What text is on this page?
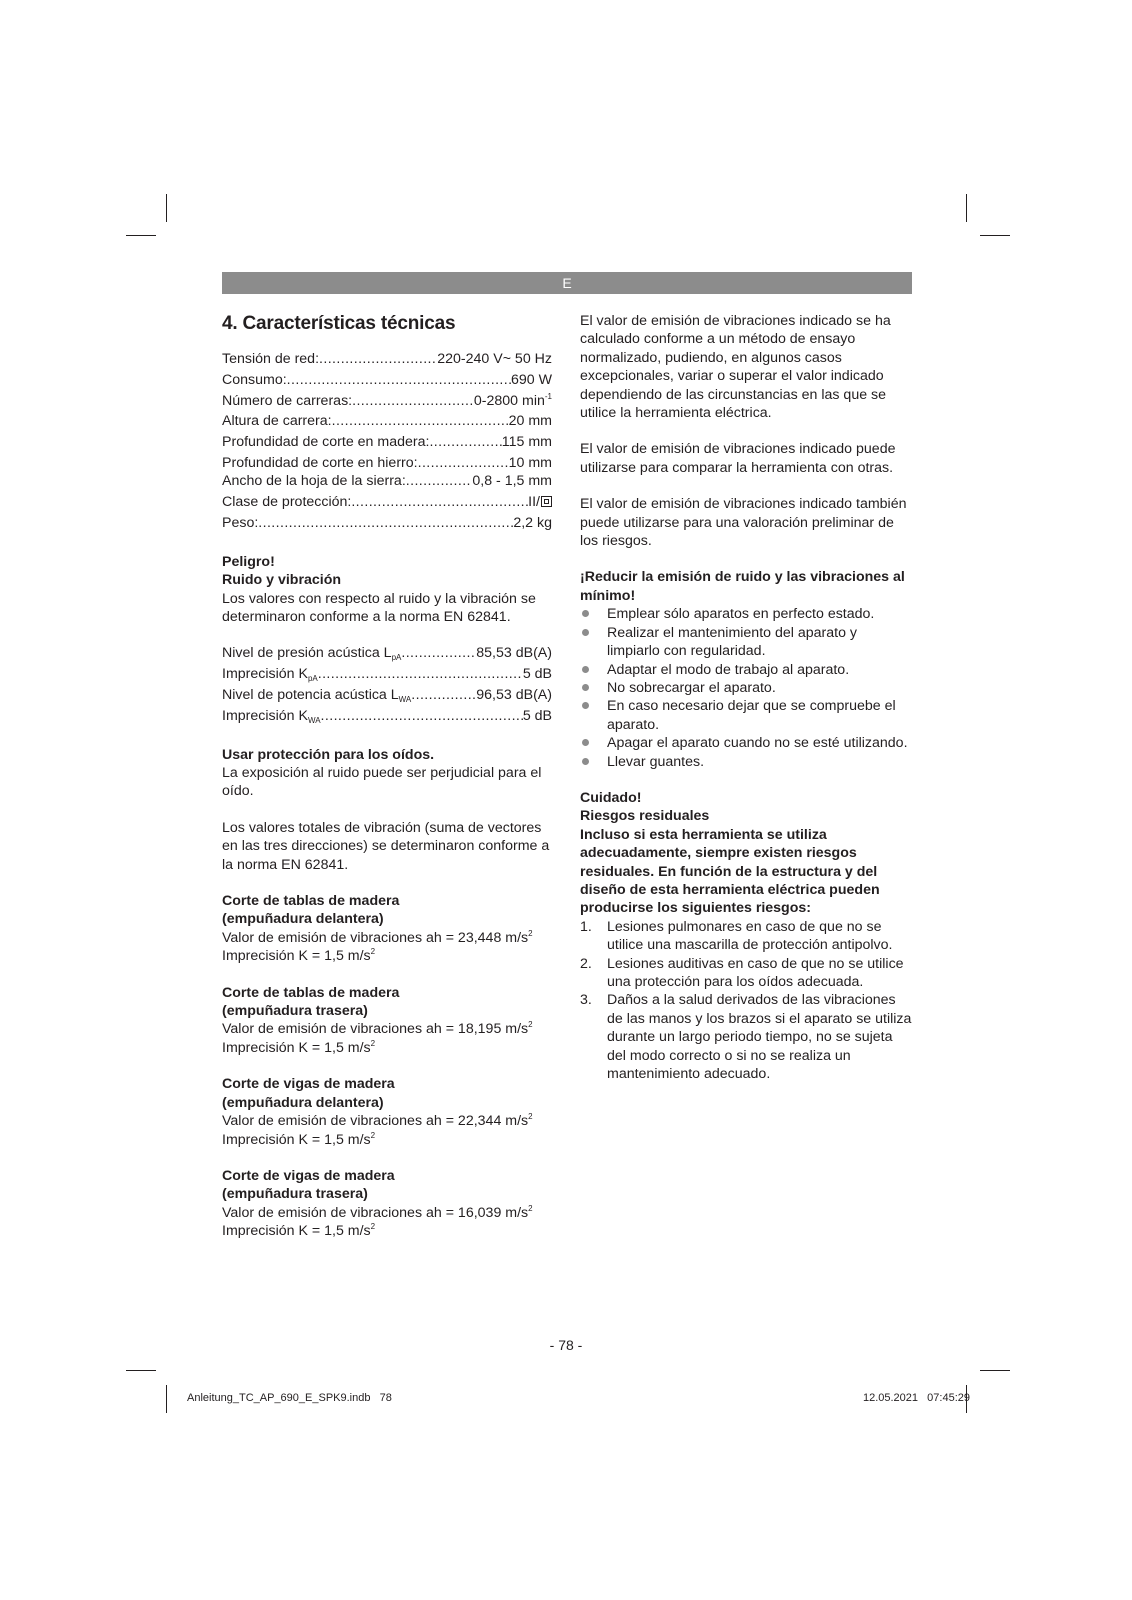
E
4. Características técnicas
Tensión de red: .....	220-240 V~ 50 Hz
Consumo: .....	690 W
Número de carreras: .....	0-2800 $\min^{-1}$
Altura de carrera: .....	20 mm
Profundidad de corte en madera: .....	115 mm
Profundidad de corte en hierro: .....	10 mm
Ancho de la hoja de la sierra: .....	0,8 - 1,5 mm
Clase de protección: .....	II/
Peso: .....	2,2 kg

Peligro!

Ruido y vibración

Los valores con respecto al ruido y la vibración se determinaron conforme a la norma EN 62841.

Nivel de presión acústica $L_{pA}$ .....	85,53 dB(A)
Imprecisión $K_{pA}$ .....	5 dB
Nivel de potencia acústica $L_{WA}$ .....	96,53 dB(A)
Imprecisión $K_{WA}$ .....	5 dB

Usar protección para los oídos.

La exposición al ruido puede ser perjudicial para el oído.

Los valores totales de vibración (suma de vectores en las tres direcciones) se determinaron conforme a la norma EN 62841.

Corte de tablas de madera

(empuñadura delantera)

Valor de emisión de vibraciones ah = 23,448 $m/s^2$

Imprecisión K = 1,5 $m/s^2$

Corte de tablas de madera

(empuñadura trasera)

Valor de emisión de vibraciones ah = 18,195 $m/s^2$

Imprecisión K = 1,5 $m/s^2$

Corte de vigas de madera

(empuñadura delantera)

Valor de emisión de vibraciones ah = 22,344 $m/s^2$

Imprecisión K = 1,5 $m/s^2$

Corte de vigas de madera

(empuñadura trasera)

Valor de emisión de vibraciones ah = 16,039 $m/s^2$

Imprecisión K = 1,5 $m/s^2$

El valor de emisión de vibraciones indicado se ha calculado conforme a un método de ensayo normalizado, pudiendo, en algunos casos excepcionales, variar o superar el valor indicado dependiendo de las circunstancias en las que se utilice la herramienta eléctrica.

El valor de emisión de vibraciones indicado puede utilizarse para comparar la herramienta con otras.

El valor de emisión de vibraciones indicado también puede utilizarse para una valoración preliminar de los riesgos.

¡Reducir la emisión de ruido y las vibraciones al mínimo!

Emplear sólo aparatos en perfecto estado.
Realizar el mantenimiento del aparato y limpiarlo con regularidad.
Adaptar el modo de trabajo al aparato.
No sobrecargar el aparato.
En caso necesario dejar que se compruebe el aparato.
Apagar el aparato cuando no se esté utilizando.
Llevar guantes.

Cuidado!

Riesgos residuales

Incluso si esta herramienta se utiliza adecuadamente, siempre existen riesgos residuales. En función de la estructura y del diseño de esta herramienta eléctrica pueden producirse los siguientes riesgos:

1. Lesiones pulmonares en caso de que no se utilice una mascarilla de protección antipolvo.
2. Lesiones auditivas en caso de que no se utilice una protección para los oídos adecuada.
3. Daños a la salud derivados de las vibraciones de las manos y los brazos si el aparato se utiliza durante un largo periodo tiempo, no se sujeta del modo correcto o si no se realiza un mantenimiento adecuado.
- 78 -
Anleitung_TC_AP_690_E_SPK9.indb   78	12.05.2021   07:45:29
